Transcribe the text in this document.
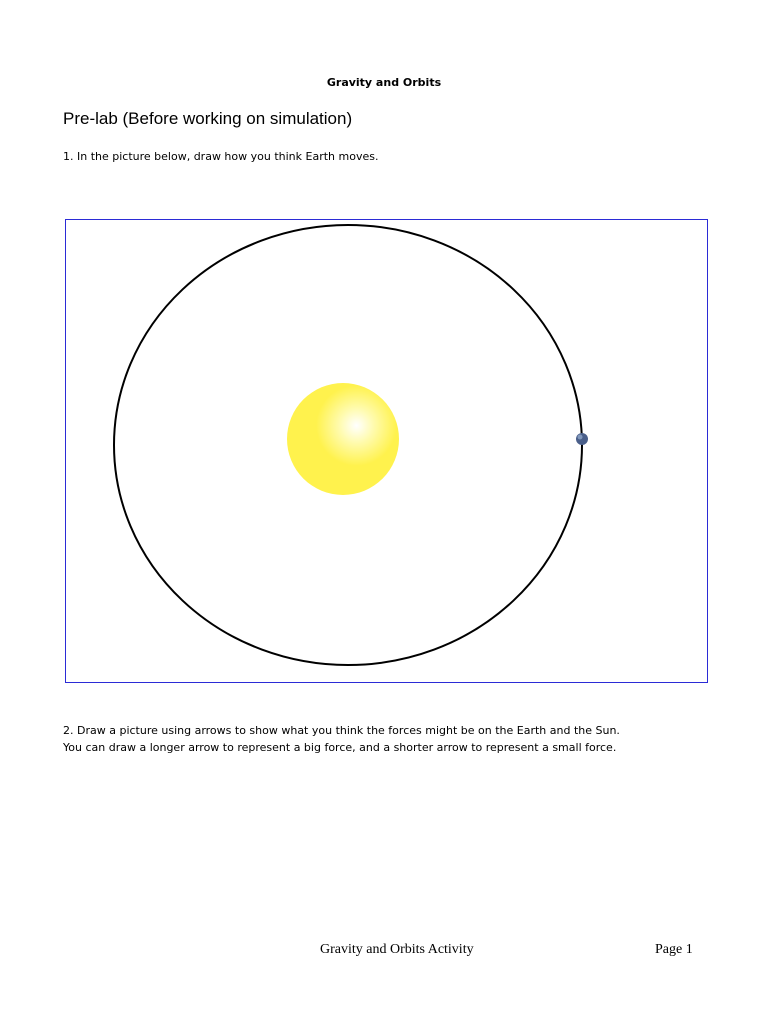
Gravity and Orbits
Pre-lab (Before working on simulation)
1. In the picture below, draw how you think Earth moves.
2. Draw a picture using arrows to show what you think the forces might be on the Earth and the Sun.
You can draw a longer arrow to represent a big force, and a shorter arrow to represent a small force.
Gravity and Orbits Activity	Page 1
